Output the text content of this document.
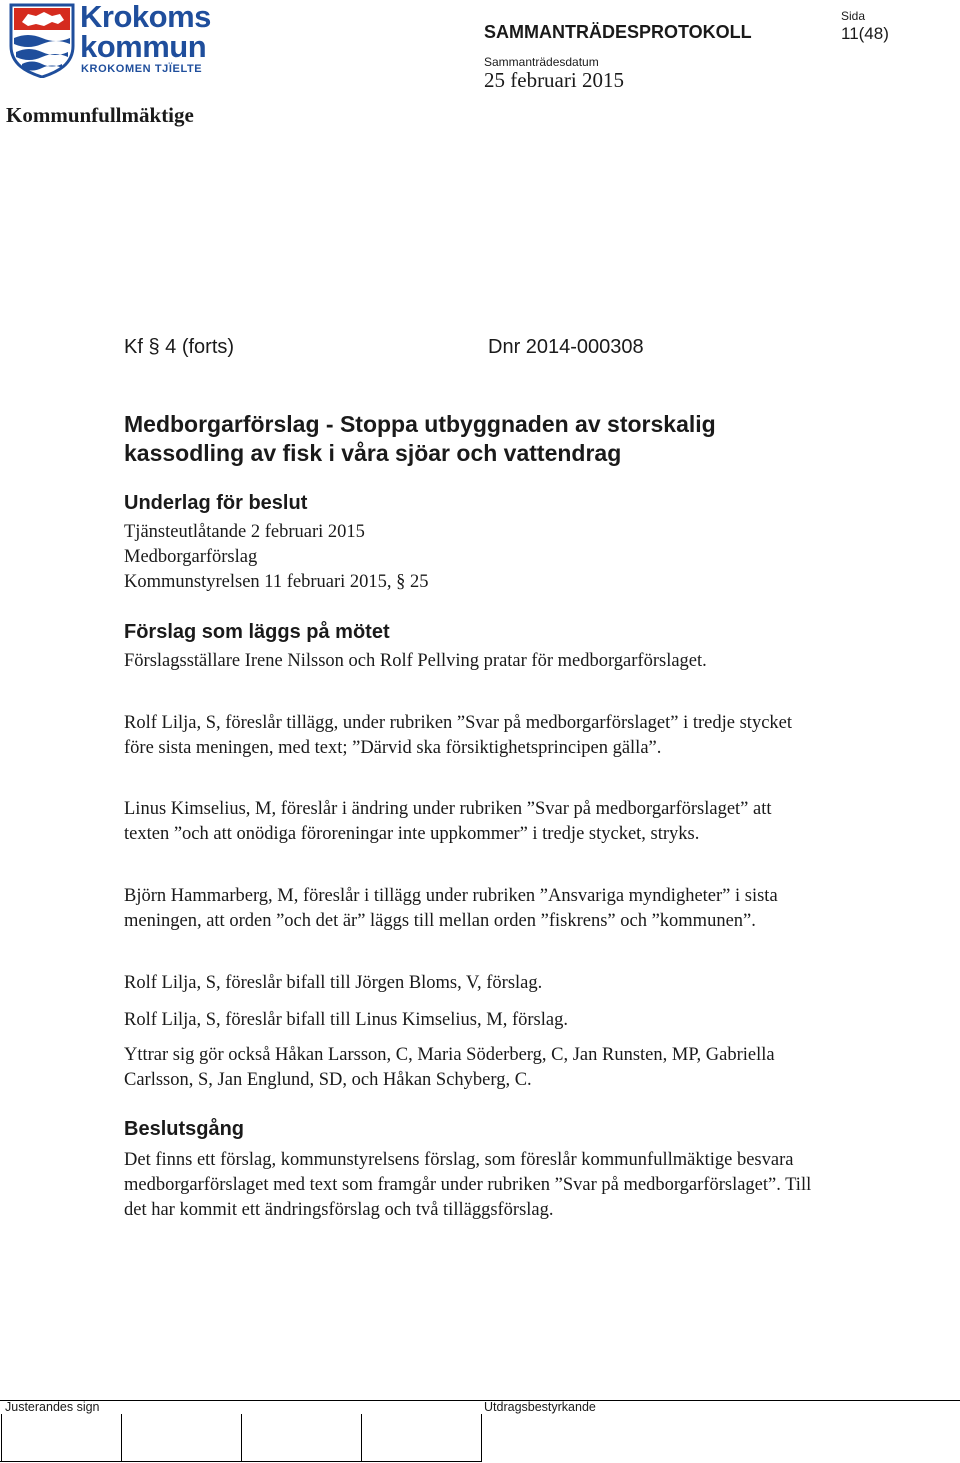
Krokoms
kommun
KROKOMEN TJÏELTE
SAMMANTRÄDESPROTOKOLL
Sammanträdesdatum
25 februari 2015
Sida
11(48)
Kommunfullmäktige
Kf § 4 (forts)	Dnr 2014-000308
Medborgarförslag - Stoppa utbyggnaden av storskalig
kassodling av fisk i våra sjöar och vattendrag
Underlag för beslut
Tjänsteutlåtande 2 februari 2015
Medborgarförslag
Kommunstyrelsen 11 februari 2015, § 25
Förslag som läggs på mötet

Förslagsställare Irene Nilsson och Rolf Pellving pratar för medborgarförslaget.

Rolf Lilja, S, föreslår tillägg, under rubriken ”Svar på medborgarförslaget” i tredje stycket före sista meningen, med text; ”Därvid ska försiktighetsprincipen gälla”.

Linus Kimselius, M, föreslår i ändring under rubriken ”Svar på medborgarförslaget” att texten ”och att onödiga föroreningar inte uppkommer” i tredje stycket, stryks.

Björn Hammarberg, M, föreslår i tillägg under rubriken ”Ansvariga myndigheter” i sista meningen, att orden ”och det är” läggs till mellan orden ”fiskrens” och ”kommunen”.

Rolf Lilja, S, föreslår bifall till Jörgen Bloms, V, förslag.

Rolf Lilja, S, föreslår bifall till Linus Kimselius, M, förslag.

Yttrar sig gör också Håkan Larsson, C, Maria Söderberg, C, Jan Runsten, MP, Gabriella Carlsson, S, Jan Englund, SD, och Håkan Schyberg, C.

Beslutsgång

Det finns ett förslag, kommunstyrelsens förslag, som föreslår kommunfullmäktige besvara medborgarförslaget med text som framgår under rubriken ”Svar på medborgarförslaget”. Till det har kommit ett ändringsförslag och två tilläggsförslag.

Justerandes sign	Utdragsbestyrkande
